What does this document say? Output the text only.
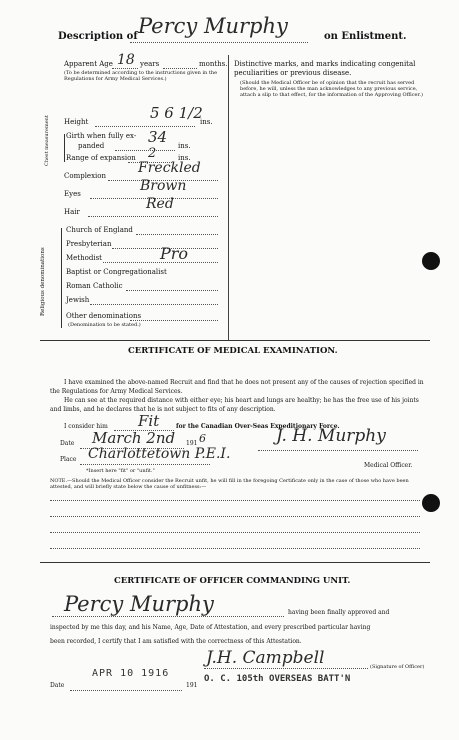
Description of Percy Murphy	on Enlistment.
Apparent Age 18 years	months.
(To be determined according to the instructions given in the Regulations for Army Medical Services.)
Height	5 6 1/2
ins.
Chest measurement Girth when fully ex-
panded	34 ins.
Range of expansion 2	ins.
Complexion Freckled
Eyes	Brown
Hair	Red
Religious denominations
Church of England
Presbyterian
Methodist	Pro
Baptist or Congregationalist
Roman Catholic
Jewish
Other denominations
(Denomination to be stated.)
Distinctive marks, and marks indicating congenital
peculiarities or previous disease.
(Should the Medical Officer be of opinion that the recruit has served before, he will, unless the man acknowledges to any previous service, attach a slip to that effect, for the information of the Approving Officer.)
CERTIFICATE OF MEDICAL EXAMINATION.
I have examined the above-named Recruit and find that he does not present any of the causes of rejection specified in the Regulations for Army Medical Services.
He can see at the required distance with either eye; his heart and lungs are healthy; he has the free use of his joints and limbs, and he declares that he is not subject to fits of any description.
I consider him Fit	for the Canadian Over-Seas Expeditionary Force.
Date March 2nd 191 6	J. H. Murphy
Place Charlottetown P.E.I.
*Insert here "fit" or "unfit."
Medical Officer.
NOTE.—Should the Medical Officer consider the Recruit unfit, he will fill in the foregoing Certificate only in the case of those who have been attested, and will briefly state below the cause of unfitness:—
CERTIFICATE OF OFFICER COMMANDING UNIT.
Percy Murphy	having been finally approved and
inspected by me this day, and his Name, Age, Date of Attestation, and every prescribed particular having
been recorded, I certify that I am satisfied with the correctness of this Attestation.
J.H. Campbell	(Signature of Officer)
Date
APR 10 1916
191
O. C. 105th OVERSEAS BATT'N
